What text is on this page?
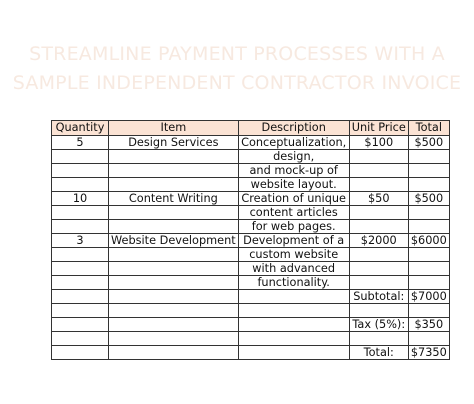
STREAMLINE PAYMENT PROCESSES WITH A
SAMPLE INDEPENDENT CONTRACTOR INVOICE
Quantity	Item	Description	Unit Price	Total
5	Design Services	Conceptualization,	$100	$500
		design,		
		and mock-up of		
		website layout.		
10	Content Writing	Creation of unique	$50	$500
		content articles		
		for web pages.		
3	Website Development	Development of a	$2000	$6000
		custom website		
		with advanced		
		functionality.		
			Subtotal:	$7000

			Tax (5%):	$350

			Total:	$7350
